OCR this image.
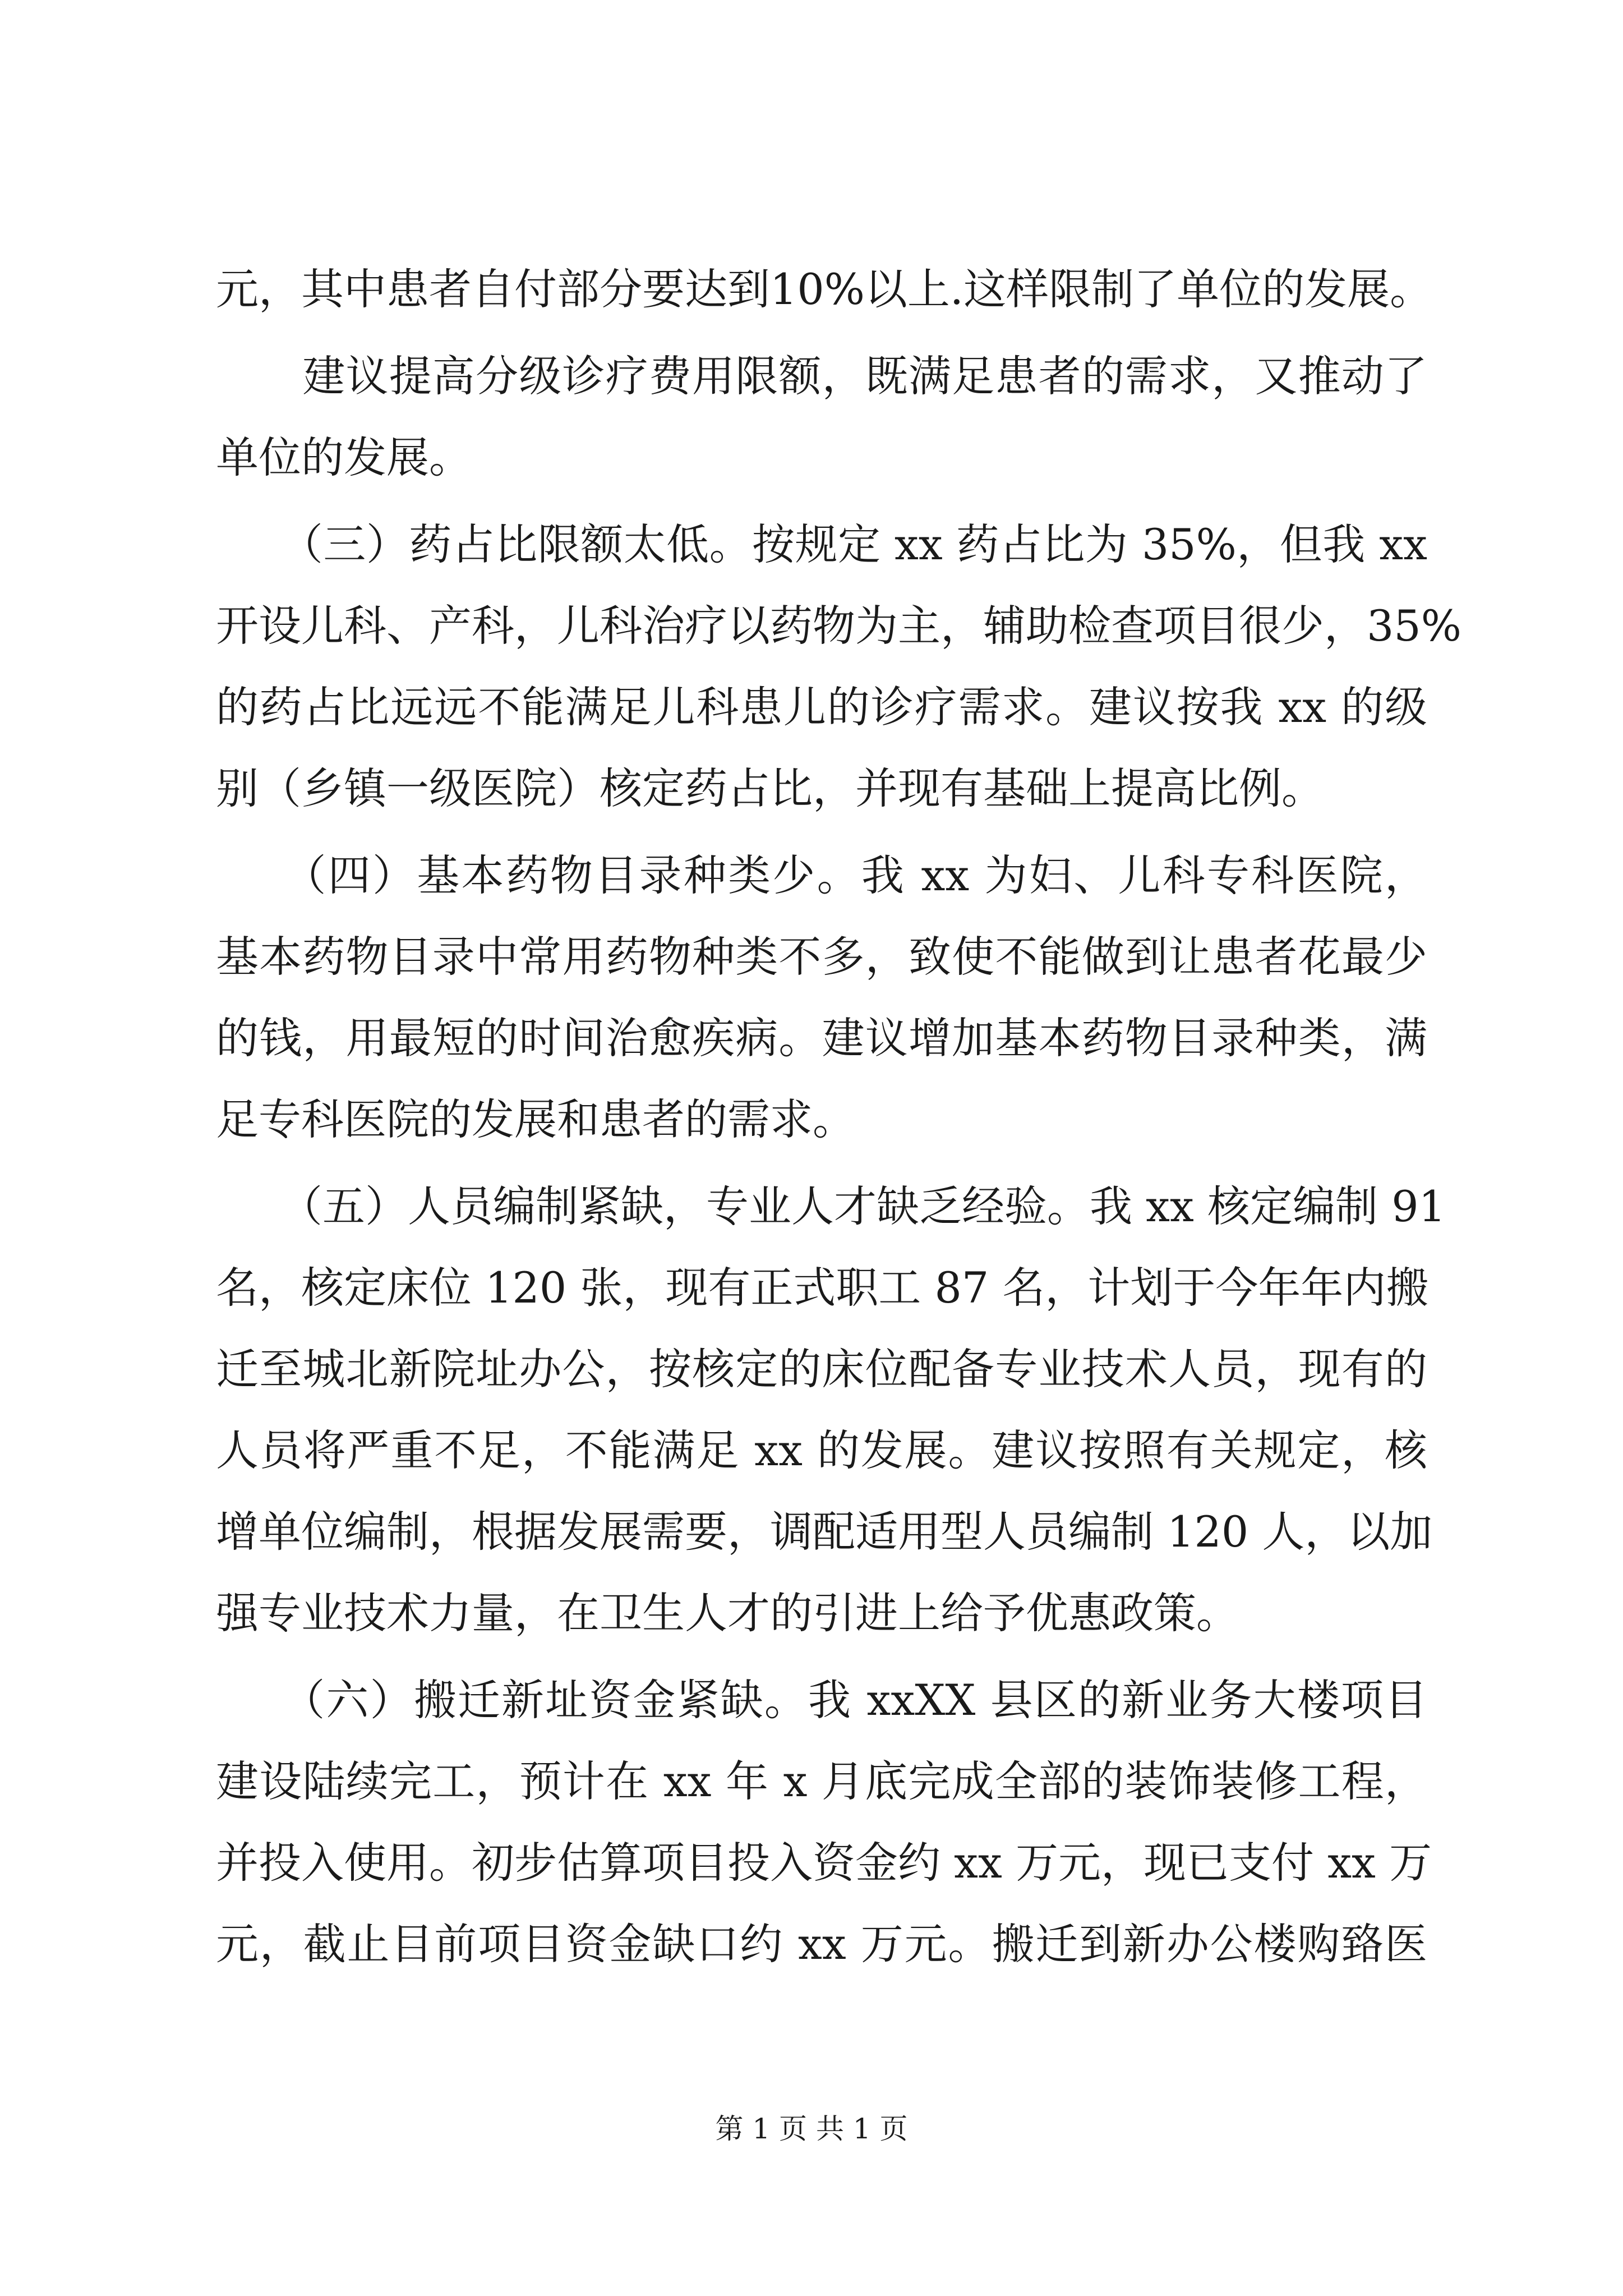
元，其中患者自付部分要达到10%以上.这样限制了单位的发展。
　　建议提高分级诊疗费用限额，既满足患者的需求，又推动了
单位的发展。
　　（三）药占比限额太低。按规定 xx 药占比为 35%，但我 xx
开设儿科、产科，儿科治疗以药物为主，辅助检查项目很少，35%
的药占比远远不能满足儿科患儿的诊疗需求。建议按我 xx 的级
别（乡镇一级医院）核定药占比，并现有基础上提高比例。
　　（四）基本药物目录种类少。我 xx 为妇、儿科专科医院，
基本药物目录中常用药物种类不多，致使不能做到让患者花最少
的钱，用最短的时间治愈疾病。建议增加基本药物目录种类，满
足专科医院的发展和患者的需求。
　　（五）人员编制紧缺，专业人才缺乏经验。我 xx 核定编制 91
名，核定床位 120 张，现有正式职工 87 名，计划于今年年内搬
迁至城北新院址办公，按核定的床位配备专业技术人员，现有的
人员将严重不足，不能满足 xx 的发展。建议按照有关规定，核
增单位编制，根据发展需要，调配适用型人员编制 120 人，以加
强专业技术力量，在卫生人才的引进上给予优惠政策。
　　（六）搬迁新址资金紧缺。我 xxXX 县区的新业务大楼项目
建设陆续完工，预计在 xx 年 x 月底完成全部的装饰装修工程，
并投入使用。初步估算项目投入资金约 xx 万元，现已支付 xx 万
元，截止目前项目资金缺口约 xx 万元。搬迁到新办公楼购臵医
第 1 页 共 1 页
